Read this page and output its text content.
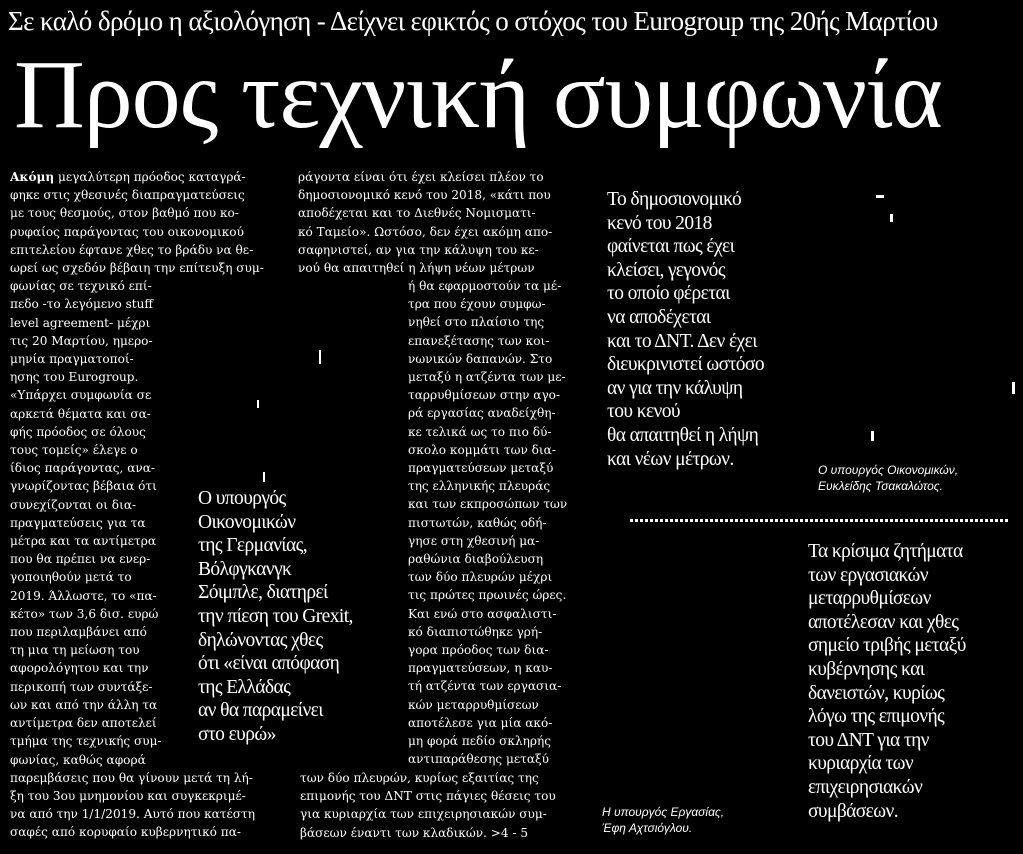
Σε καλό δρόμο η αξιολόγηση - Δείχνει εφικτός ο στόχος του Eurogroup της 20ής Μαρτίου
Προς τεχνική συμφωνία
Ακόμη μεγαλύτερη πρόοδος καταγρά-
φηκε στις χθεσινές διαπραγματεύσεις
με τους θεσμούς, στον βαθμό που κο-
ρυφαίος παράγοντας του οικονομικού
επιτελείου έφτανε χθες το βράδυ να θε-
ωρεί ως σχεδόν βέβαιη την επίτευξη συμ-
φωνίας σε τεχνικό επί-
πεδο -το λεγόμενο stuff
level agreement- μέχρι
τις 20 Μαρτίου, ημερο-
μηνία πραγματοποί-
ησης του Eurogroup.
«Υπάρχει συμφωνία σε
αρκετά θέματα και σα-
φής πρόοδος σε όλους
τους τομείς» έλεγε ο
ίδιος παράγοντας, ανα-
γνωρίζοντας βέβαια ότι
συνεχίζονται οι δια-
πραγματεύσεις για τα
μέτρα και τα αντίμετρα
που θα πρέπει να ενερ-
γοποιηθούν μετά το
2019. Άλλωστε, το «πα-
κέτο» των 3,6 δισ. ευρώ
που περιλαμβάνει από
τη μια τη μείωση του
αφορολόγητου και την
περικοπή των συντάξε-
ων και από την άλλη τα
αντίμετρα δεν αποτελεί
τμήμα της τεχνικής συμ-
φωνίας, καθώς αφορά
παρεμβάσεις που θα γίνουν μετά τη λή-
ξη του 3ου μνημονίου και συγκεκριμέ-
να από την 1/1/2019. Αυτό που κατέστη
σαφές από κορυφαίο κυβερνητικό πα-
ράγοντα είναι ότι έχει κλείσει πλέον το
δημοσιονομικό κενό του 2018, «κάτι που
αποδέχεται και το Διεθνές Νομισματι-
κό Ταμείο». Ωστόσο, δεν έχει ακόμη απο-
σαφηνιστεί, αν για την κάλυψη του κε-
νού θα απαιτηθεί η λήψη νέων μέτρων
ή θα εφαρμοστούν τα μέ-
τρα που έχουν συμφω-
νηθεί στο πλαίσιο της
επανεξέτασης των κοι-
νωνικών δαπανών. Στο
μεταξύ η ατζέντα των με-
ταρρυθμίσεων στην αγο-
ρά εργασίας αναδείχθη-
κε τελικά ως το πιο δύ-
σκολο κομμάτι των δια-
πραγματεύσεων μεταξύ
της ελληνικής πλευράς
και των εκπροσώπων των
πιστωτών, καθώς οδή-
γησε στη χθεσινή μα-
ραθώνια διαβούλευση
των δύο πλευρών μέχρι
τις πρώτες πρωινές ώρες.
Και ενώ στο ασφαλιστι-
κό διαπιστώθηκε γρή-
γορα πρόοδος των δια-
πραγματεύσεων, η καυ-
τή ατζέντα των εργασια-
κών μεταρρυθμίσεων
αποτέλεσε για μία ακό-
μη φορά πεδίο σκληρής
αντιπαράθεσης μεταξύ
των δύο πλευρών, κυρίως εξαιτίας της
επιμονής του ΔΝΤ στις πάγιες θέσεις του
για κυριαρχία των επιχειρησιακών συμ-
βάσεων έναντι των κλαδικών. >4 - 5
Ο υπουργός
Οικονομικών
της Γερμανίας,
Βόλφγκανγκ
Σόιμπλε, διατηρεί
την πίεση του Grexit,
δηλώνοντας χθες
ότι «είναι απόφαση
της Ελλάδας
αν θα παραμείνει
στο ευρώ»
Το δημοσιονομικό
κενό του 2018
φαίνεται πως έχει
κλείσει, γεγονός
το οποίο φέρεται
να αποδέχεται
και το ΔΝΤ. Δεν έχει
διευκρινιστεί ωστόσο
αν για την κάλυψη
του κενού
θα απαιτηθεί η λήψη
και νέων μέτρων.
Τα κρίσιμα ζητήματα
των εργασιακών
μεταρρυθμίσεων
αποτέλεσαν και χθες
σημείο τριβής μεταξύ
κυβέρνησης και
δανειστών, κυρίως
λόγω της επιμονής
του ΔΝΤ για την
κυριαρχία των
επιχειρησιακών
συμβάσεων.
Ο υπουργός Οικονομικών,
Ευκλείδης Τσακαλώτος.
Η υπουργός Εργασίας,
Έφη Αχτσιόγλου.
